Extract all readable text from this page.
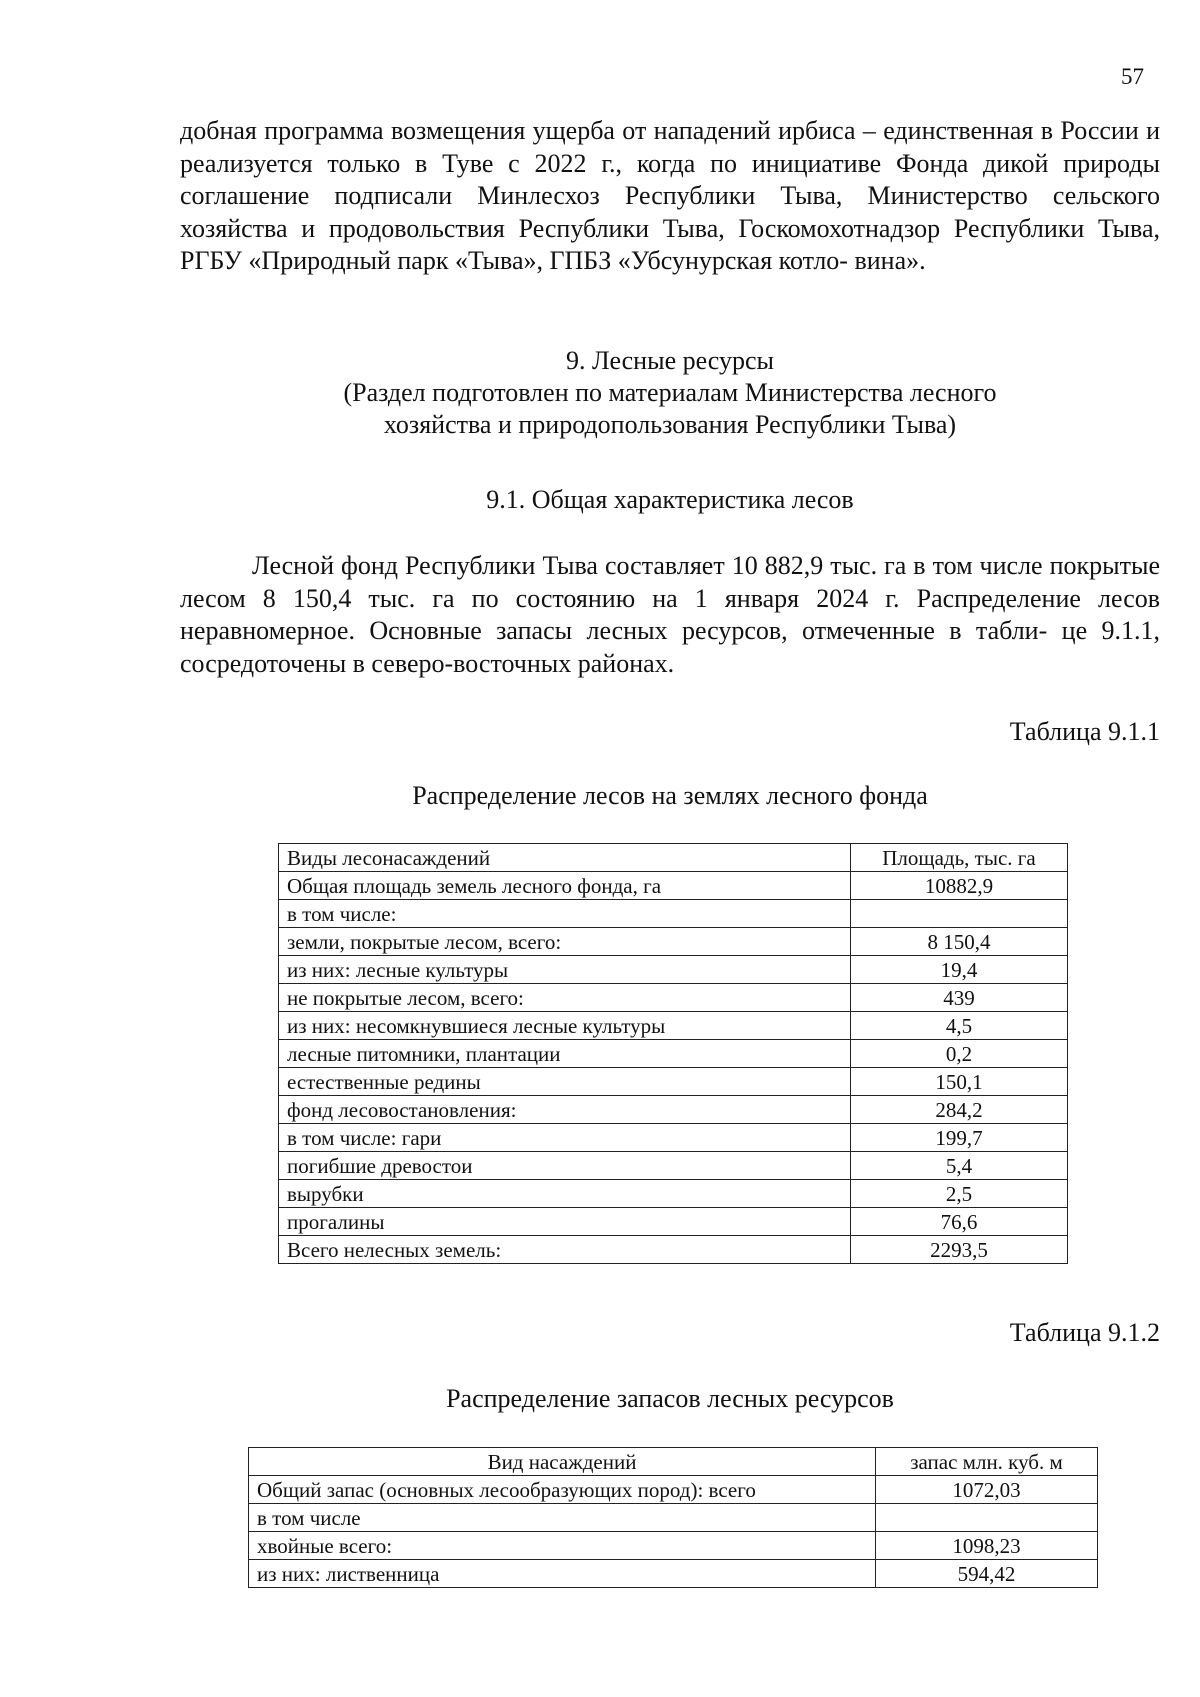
57
добная программа возмещения ущерба от нападений ирбиса – единственная в России и реализуется только в Туве с 2022 г., когда по инициативе Фонда дикой природы соглашение подписали Минлесхоз Республики Тыва, Министерство сельского хозяйства и продовольствия Республики Тыва, Госкомохотнадзор Республики Тыва, РГБУ «Природный парк «Тыва», ГПБЗ «Убсунурская котло- вина».
9. Лесные ресурсы
(Раздел подготовлен по материалам Министерства лесного
хозяйства и природопользования Республики Тыва)
9.1. Общая характеристика лесов
Лесной фонд Республики Тыва составляет 10 882,9 тыс. га в том числе покрытые лесом 8 150,4 тыс. га по состоянию на 1 января 2024 г. Распределение лесов неравномерное. Основные запасы лесных ресурсов, отмеченные в табли- це 9.1.1, сосредоточены в северо-восточных районах.
Таблица 9.1.1
Распределение лесов на землях лесного фонда
Виды лесонасаждений	Площадь, тыс. га
Общая площадь земель лесного фонда, га	10882,9
в том числе:	
земли, покрытые лесом, всего:	8 150,4
из них: лесные культуры	19,4
не покрытые лесом, всего:	439
из них: несомкнувшиеся лесные культуры	4,5
лесные питомники, плантации	0,2
естественные редины	150,1
фонд лесовостановления:	284,2
в том числе: гари	199,7
погибшие древостои	5,4
вырубки	2,5
прогалины	76,6
Всего нелесных земель:	2293,5
Таблица 9.1.2
Распределение запасов лесных ресурсов
Вид насаждений	запас млн. куб. м
Общий запас (основных лесообразующих пород): всего	1072,03
в том числе	
хвойные всего:	1098,23
из них: лиственница	594,42
